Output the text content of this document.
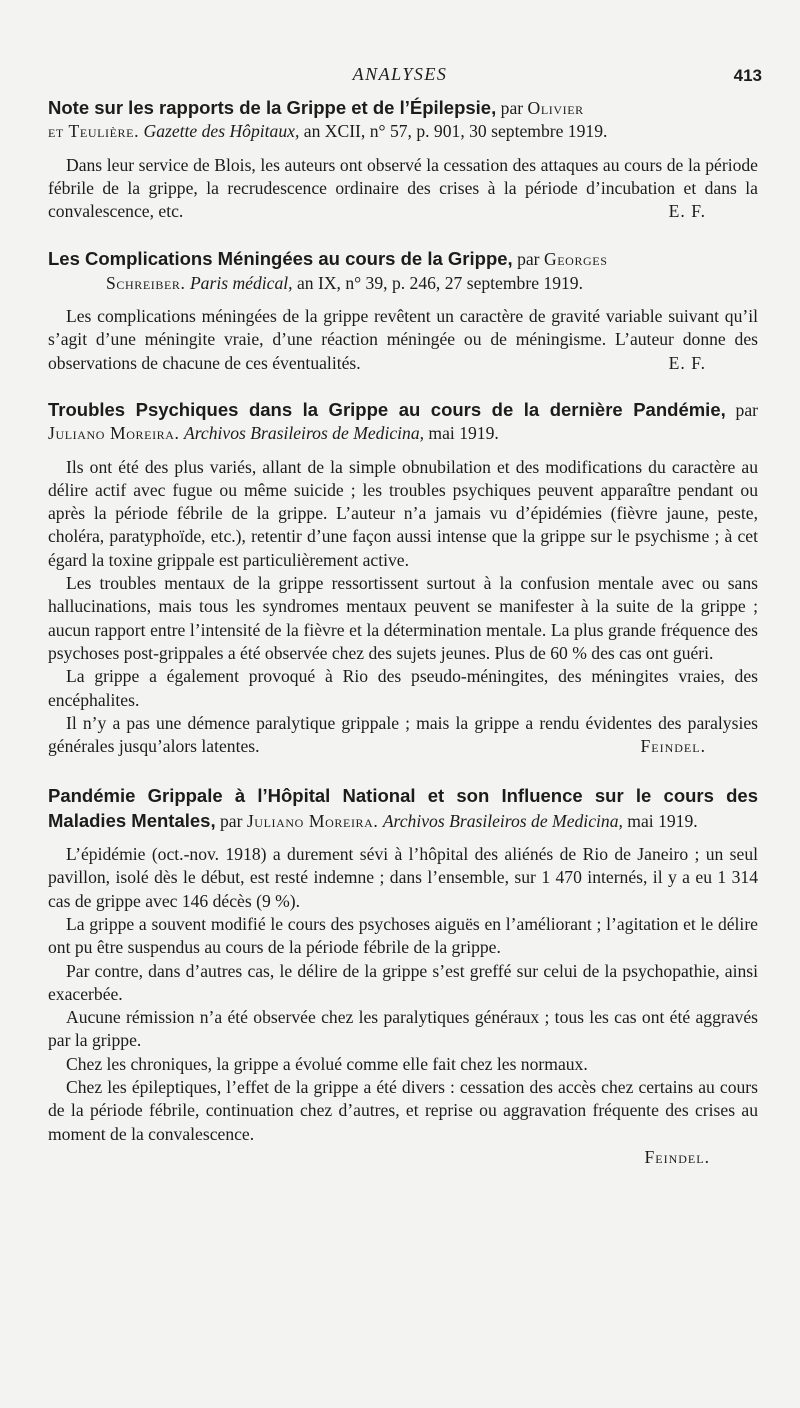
ANALYSES	413

Note sur les rapports de la Grippe et de l’Épilepsie, par Olivier
et Teulière. Gazette des Hôpitaux, an XCII, n° 57, p. 901, 30 septembre 1919.

Dans leur service de Blois, les auteurs ont observé la cessation des attaques au cours de la période fébrile de la grippe, la recrudescence ordinaire des crises à la période d’incubation et dans la convalescence, etc.	E. F.

Les Complications Méningées au cours de la Grippe, par Georges
Schreiber. Paris médical, an IX, n° 39, p. 246, 27 septembre 1919.

Les complications méningées de la grippe revêtent un caractère de gravité variable suivant qu’il s’agit d’une méningite vraie, d’une réaction méningée ou de méningisme. L’auteur donne des observations de chacune de ces éventualités.	E. F.

Troubles Psychiques dans la Grippe au cours de la dernière Pandémie, par Juliano Moreira. Archivos Brasileiros de Medicina, mai 1919.

Ils ont été des plus variés, allant de la simple obnubilation et des modifications du caractère au délire actif avec fugue ou même suicide ; les troubles psychiques peuvent apparaître pendant ou après la période fébrile de la grippe. L’auteur n’a jamais vu d’épidémies (fièvre jaune, peste, choléra, paratyphoïde, etc.), retentir d’une façon aussi intense que la grippe sur le psychisme ; à cet égard la toxine grippale est particulièrement active.

Les troubles mentaux de la grippe ressortissent surtout à la confusion mentale avec ou sans hallucinations, mais tous les syndromes mentaux peuvent se manifester à la suite de la grippe ; aucun rapport entre l’intensité de la fièvre et la détermination mentale. La plus grande fréquence des psychoses post-grippales a été observée chez des sujets jeunes. Plus de 60 % des cas ont guéri.

La grippe a également provoqué à Rio des pseudo-méningites, des méningites vraies, des encéphalites.

Il n’y a pas une démence paralytique grippale ; mais la grippe a rendu évidentes des paralysies générales jusqu’alors latentes.	Feindel.

Pandémie Grippale à l’Hôpital National et son Influence sur le cours des Maladies Mentales, par Juliano Moreira. Archivos Brasileiros de Medicina, mai 1919.

L’épidémie (oct.-nov. 1918) a durement sévi à l’hôpital des aliénés de Rio de Janeiro ; un seul pavillon, isolé dès le début, est resté indemne ; dans l’ensemble, sur 1 470 internés, il y a eu 1 314 cas de grippe avec 146 décès (9 %).

La grippe a souvent modifié le cours des psychoses aiguës en l’améliorant ; l’agitation et le délire ont pu être suspendus au cours de la période fébrile de la grippe.

Par contre, dans d’autres cas, le délire de la grippe s’est greffé sur celui de la psychopathie, ainsi exacerbée.

Aucune rémission n’a été observée chez les paralytiques généraux ; tous les cas ont été aggravés par la grippe.

Chez les chroniques, la grippe a évolué comme elle fait chez les normaux.

Chez les épileptiques, l’effet de la grippe a été divers : cessation des accès chez certains au cours de la période fébrile, continuation chez d’autres, et reprise ou aggravation fréquente des crises au moment de la convalescence.

Feindel.
